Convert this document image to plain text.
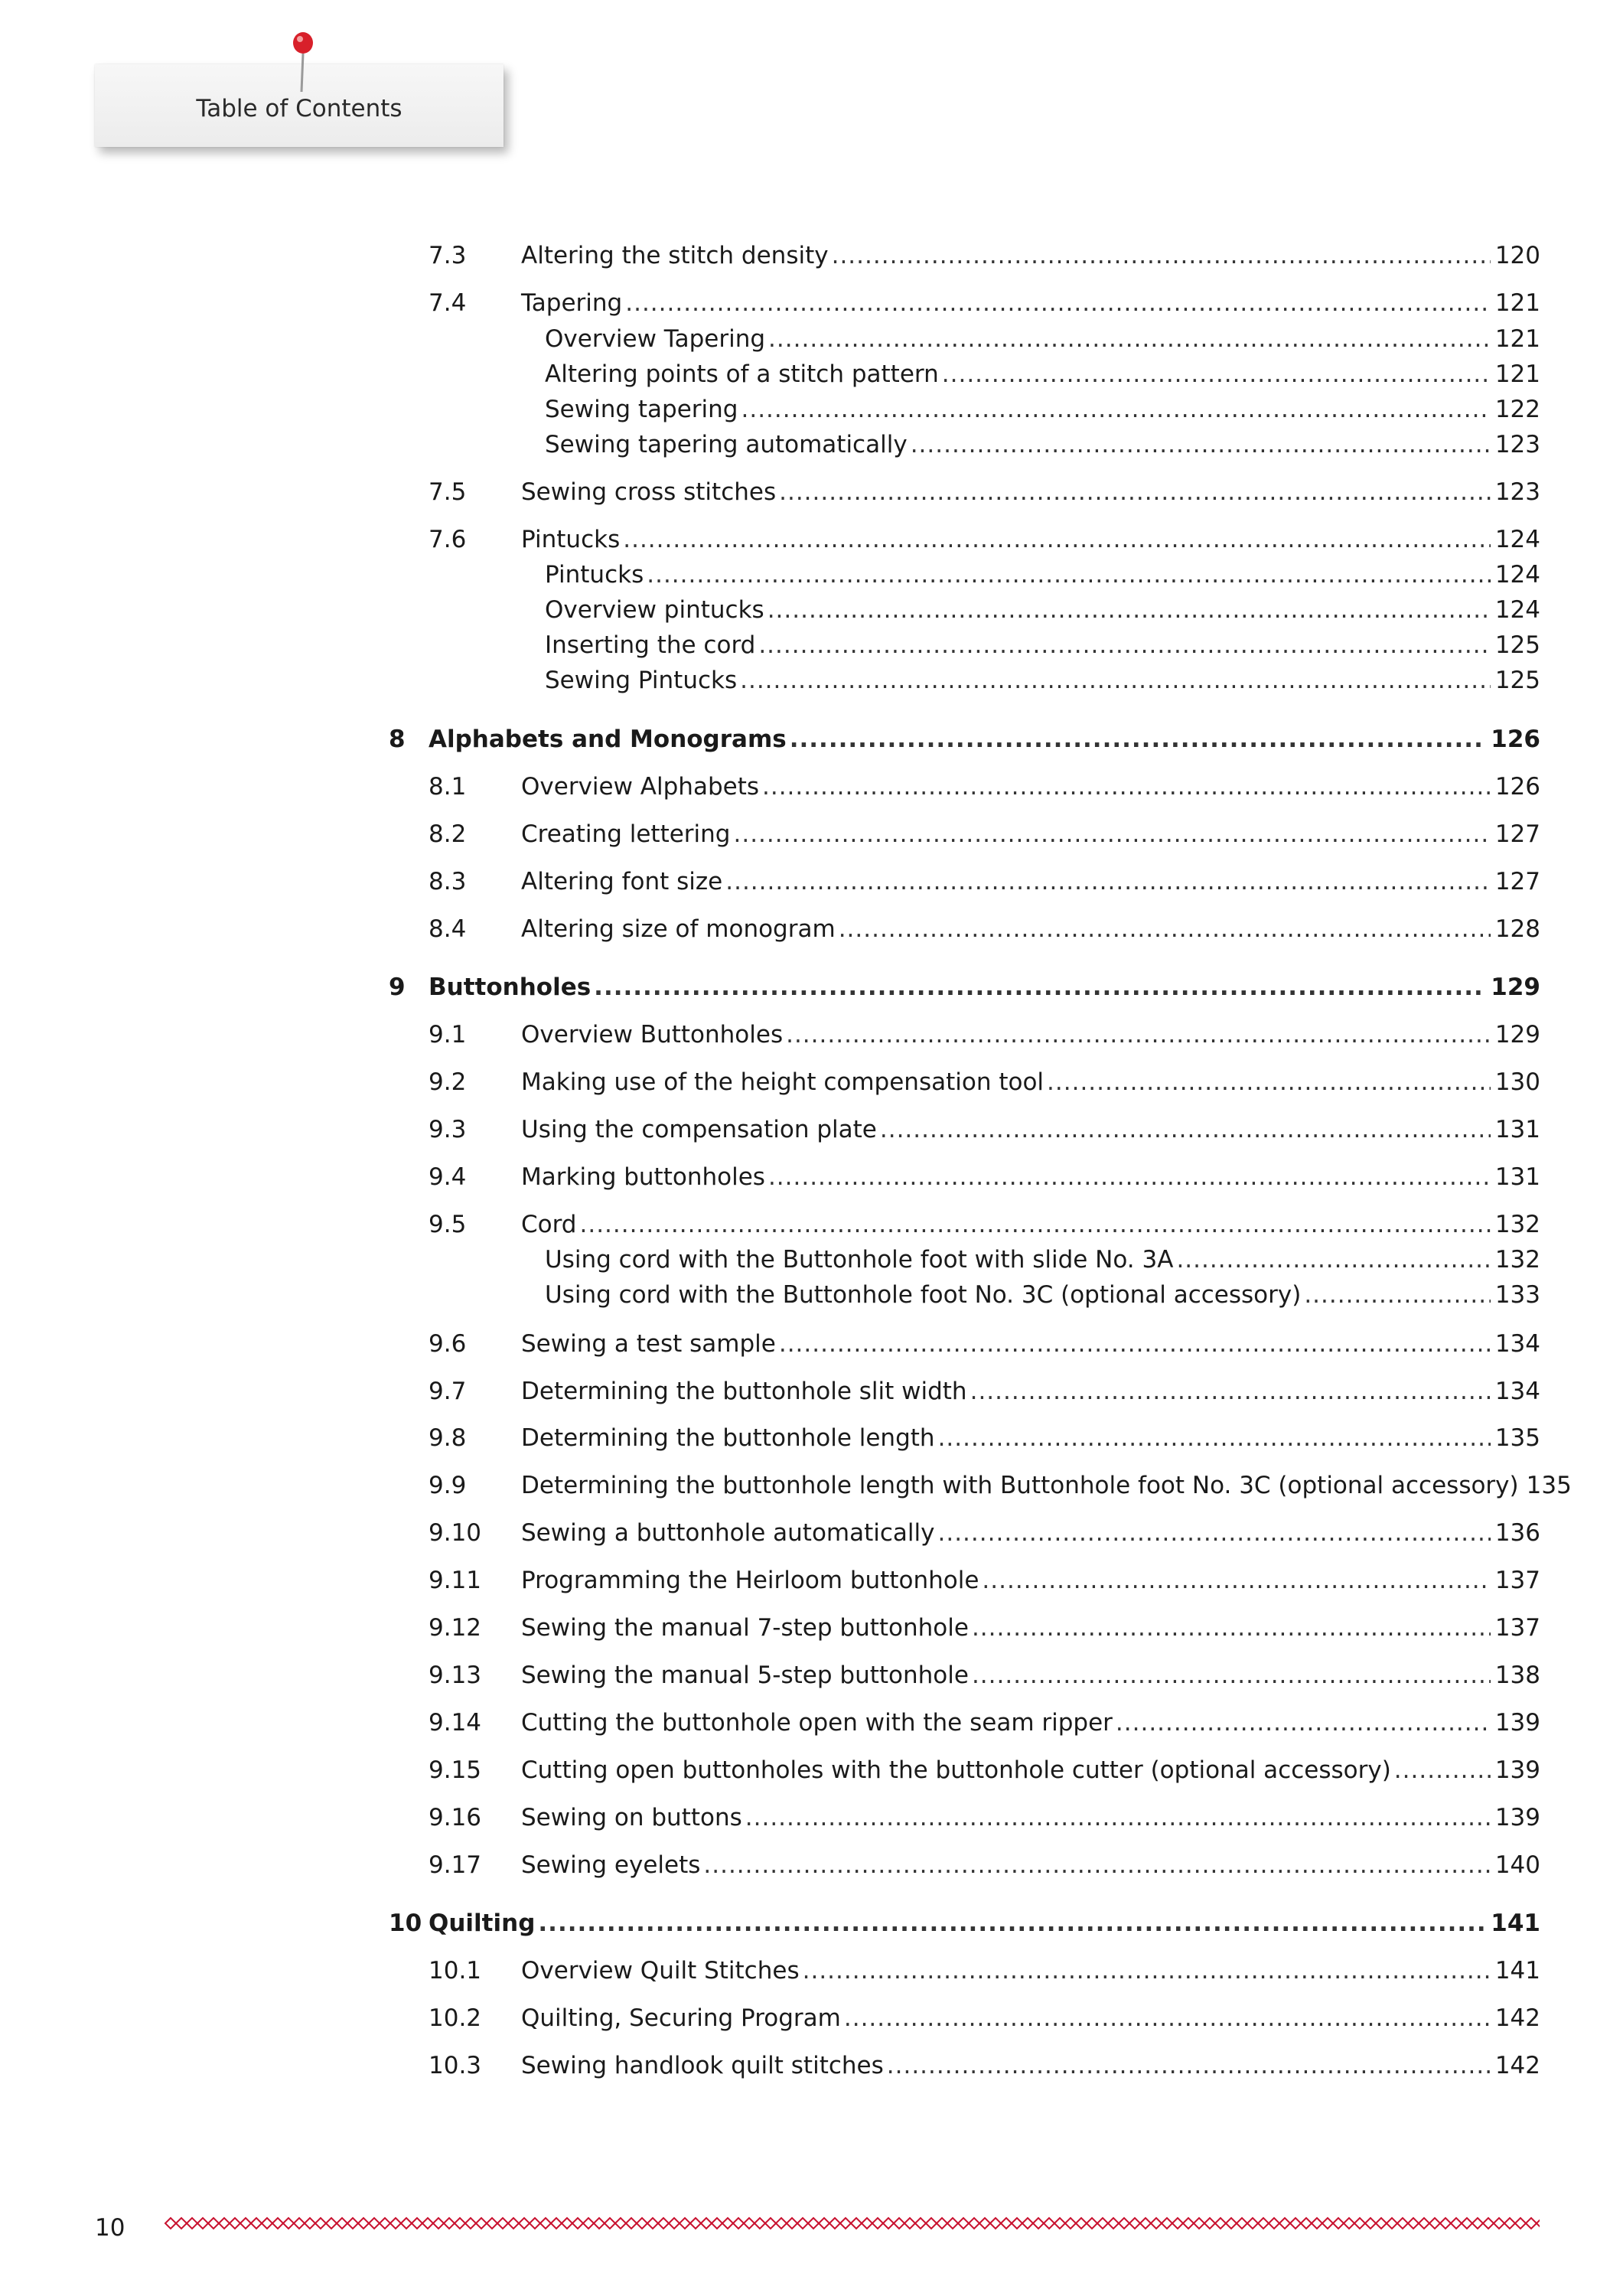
Table of Contents
7.3 Altering the stitch density .....	120
7.4 Tapering .....	121
Overview Tapering .....	121
Altering points of a stitch pattern .....	121
Sewing tapering .....	122
Sewing tapering automatically .....	123
7.5 Sewing cross stitches .....	123
7.6 Pintucks .....	124
Pintucks .....	124
Overview pintucks .....	124
Inserting the cord .....	125
Sewing Pintucks .....	125
8 Alphabets and Monograms .....	126
8.1 Overview Alphabets .....	126
8.2 Creating lettering .....	127
8.3 Altering font size .....	127
8.4 Altering size of monogram .....	128
9 Buttonholes .....	129
9.1 Overview Buttonholes .....	129
9.2 Making use of the height compensation tool .....	130
9.3 Using the compensation plate .....	131
9.4 Marking buttonholes .....	131
9.5 Cord .....	132
Using cord with the Buttonhole foot with slide No. 3A .....	132
Using cord with the Buttonhole foot No. 3C (optional accessory) .....	133
9.6 Sewing a test sample .....	134
9.7 Determining the buttonhole slit width .....	134
9.8 Determining the buttonhole length .....	135
9.9 Determining the buttonhole length with Buttonhole foot No. 3C (optional accessory) 135
9.10 Sewing a buttonhole automatically .....	136
9.11 Programming the Heirloom buttonhole .....	137
9.12 Sewing the manual 7-step buttonhole .....	137
9.13 Sewing the manual 5-step buttonhole .....	138
9.14 Cutting the buttonhole open with the seam ripper .....	139
9.15 Cutting open buttonholes with the buttonhole cutter (optional accessory) .....	139
9.16 Sewing on buttons .....	139
9.17 Sewing eyelets .....	140
10 Quilting .....	141
10.1 Overview Quilt Stitches .....	141
10.2 Quilting, Securing Program .....	142
10.3 Sewing handlook quilt stitches .....	142
10
